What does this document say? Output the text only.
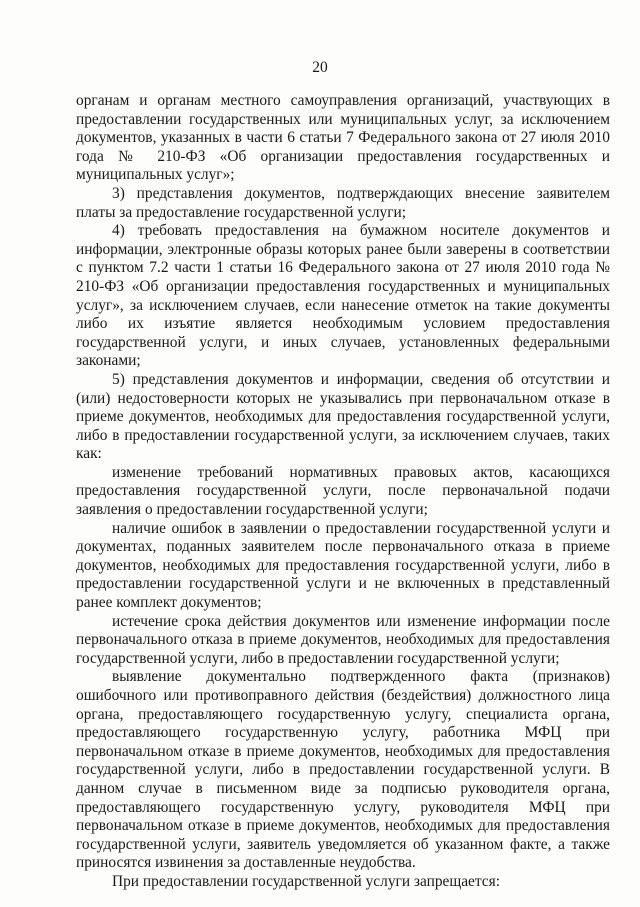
20

органам и органам местного самоуправления организаций, участвующих в предоставлении государственных или муниципальных услуг, за исключением документов, указанных в части 6 статьи 7 Федерального закона от 27 июля 2010 года № 210-ФЗ «Об организации предоставления государственных и муниципальных услуг»;

3) представления документов, подтверждающих внесение заявителем платы за предоставление государственной услуги;

4) требовать предоставления на бумажном носителе документов и информации, электронные образы которых ранее были заверены в соответствии с пунктом 7.2 части 1 статьи 16 Федерального закона от 27 июля 2010 года № 210-ФЗ «Об организации предоставления государственных и муниципальных услуг», за исключением случаев, если нанесение отметок на такие документы либо их изъятие является необходимым условием предоставления государственной услуги, и иных случаев, установленных федеральными законами;

5) представления документов и информации, сведения об отсутствии и (или) недостоверности которых не указывались при первоначальном отказе в приеме документов, необходимых для предоставления государственной услуги, либо в предоставлении государственной услуги, за исключением случаев, таких как:

изменение требований нормативных правовых актов, касающихся предоставления государственной услуги, после первоначальной подачи заявления о предоставлении государственной услуги;

наличие ошибок в заявлении о предоставлении государственной услуги и документах, поданных заявителем после первоначального отказа в приеме документов, необходимых для предоставления государственной услуги, либо в предоставлении государственной услуги и не включенных в представленный ранее комплект документов;

истечение срока действия документов или изменение информации после первоначального отказа в приеме документов, необходимых для предоставления государственной услуги, либо в предоставлении государственной услуги;

выявление документально подтвержденного факта (признаков) ошибочного или противоправного действия (бездействия) должностного лица органа, предоставляющего государственную услугу, специалиста органа, предоставляющего государственную услугу, работника МФЦ при первоначальном отказе в приеме документов, необходимых для предоставления государственной услуги, либо в предоставлении государственной услуги. В данном случае в письменном виде за подписью руководителя органа, предоставляющего государственную услугу, руководителя МФЦ при первоначальном отказе в приеме документов, необходимых для предоставления государственной услуги, заявитель уведомляется об указанном факте, а также приносятся извинения за доставленные неудобства.

При предоставлении государственной услуги запрещается:
